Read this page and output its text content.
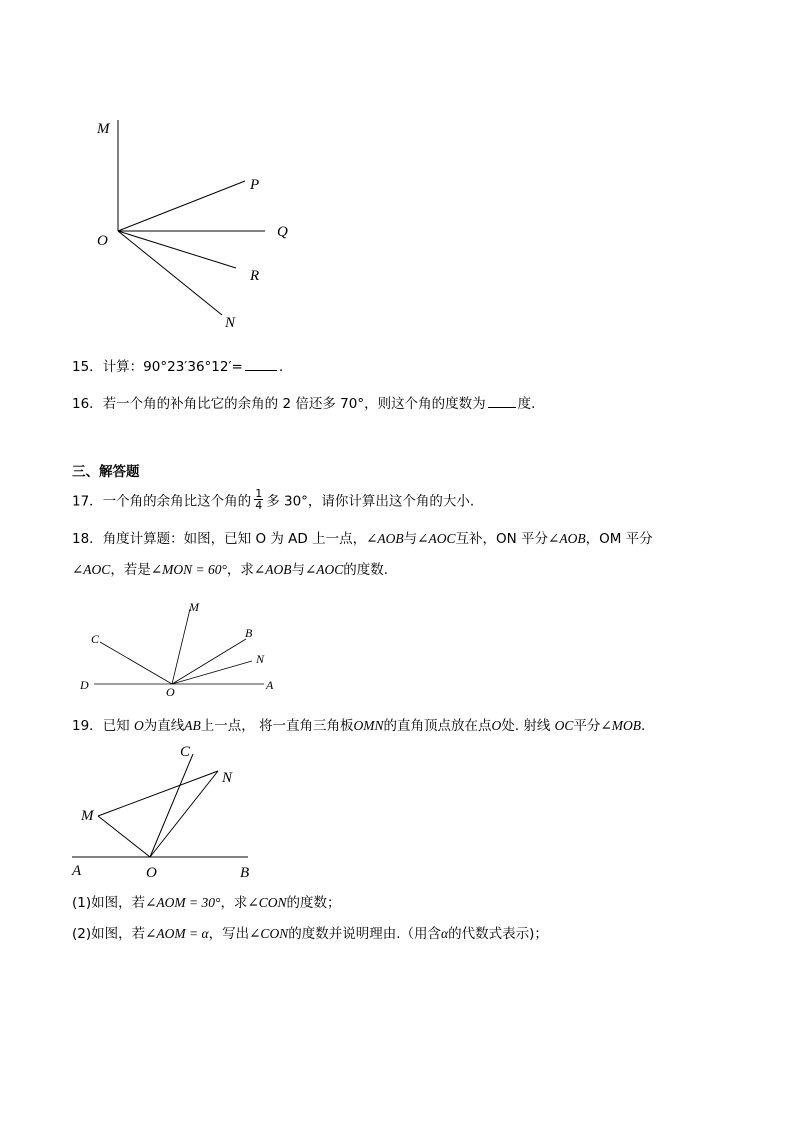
M
P
Q
O
R
N
15．计算：90°23′36°12′=	.
16．若一个角的补角比它的余角的 2 倍还多 70°，则这个角的度数为 度.
三、解答题
17．一个角的余角比这个角的 $\frac{1}{4}$ 多 30°，请你计算出这个角的大小.
18．角度计算题：如图，已知 O 为 AD 上一点，∠AOB与∠AOC互补，ON 平分∠AOB，OM 平分
∠AOC，若是∠MON = 60°，求∠AOB与∠AOC的度数.
M
B
C
N
D	O	A
19．已知 O为直线AB上一点， 将一直角三角板OMN的直角顶点放在点O处. 射线 OC平分∠MOB.
C
N
M
A	O	B
(1)如图，若∠AOM = 30°，求∠CON的度数；
(2)如图，若∠AOM = α，写出∠CON的度数并说明理由.（用含α的代数式表示)；
